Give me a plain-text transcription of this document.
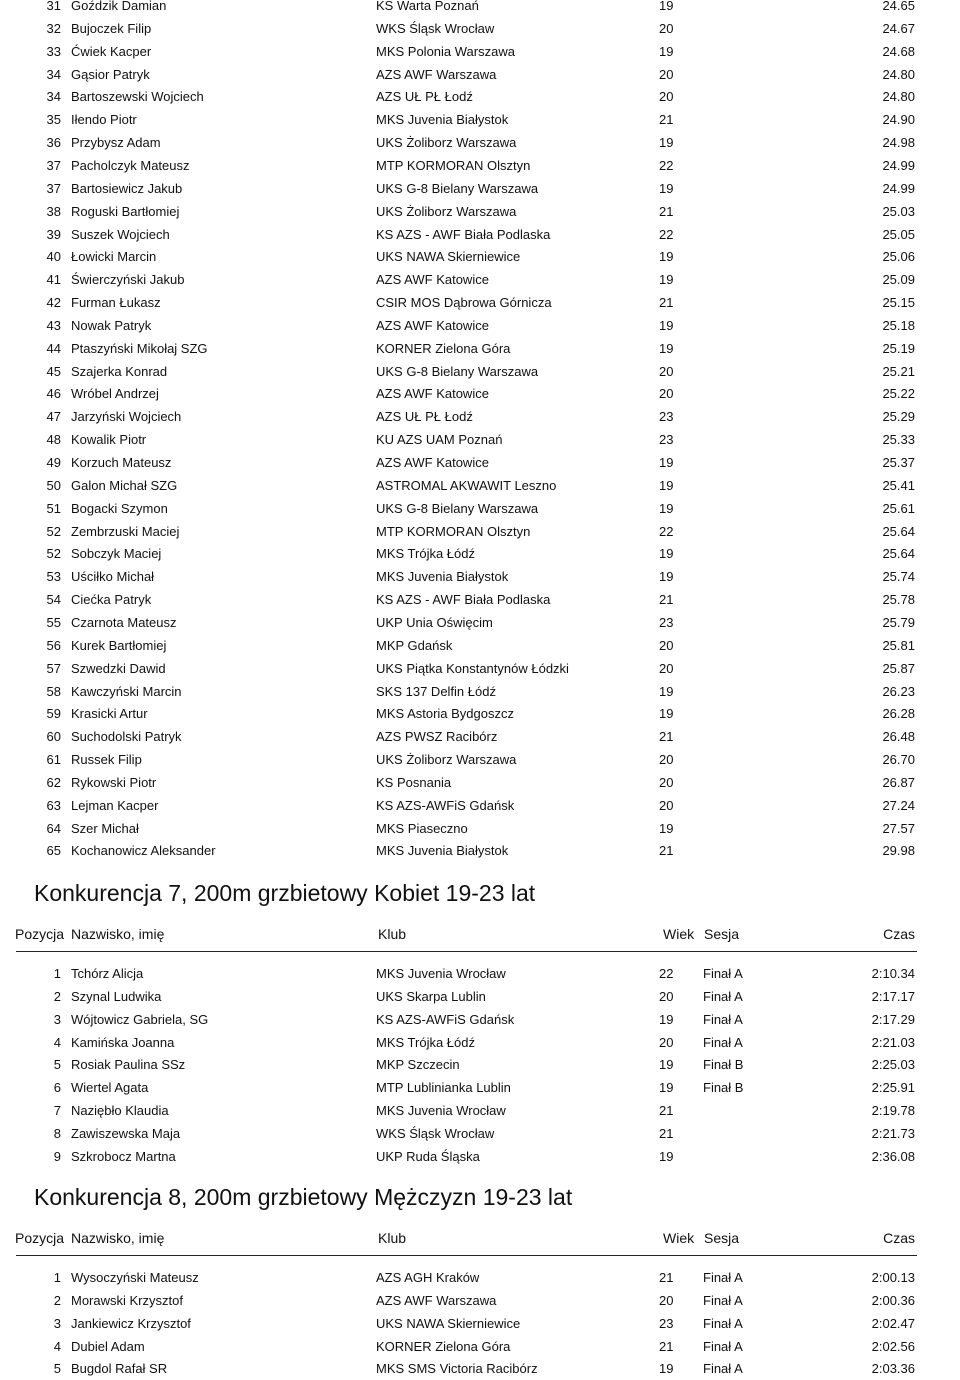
31 Goździk Damian	KS Warta Poznań	19	24.65
32 Bujoczek Filip	WKS Śląsk Wrocław	20	24.67
33 Ćwiek Kacper	MKS Polonia Warszawa	19	24.68
34 Gąsior Patryk	AZS AWF Warszawa	20	24.80
34 Bartoszewski Wojciech	AZS UŁ PŁ Łodź	20	24.80
35 Iłendo Piotr	MKS Juvenia Białystok	21	24.90
36 Przybysz Adam	UKS Żoliborz Warszawa	19	24.98
37 Pacholczyk Mateusz	MTP KORMORAN Olsztyn	22	24.99
37 Bartosiewicz Jakub	UKS G-8 Bielany Warszawa	19	24.99
38 Roguski Bartłomiej	UKS Żoliborz Warszawa	21	25.03
39 Suszek Wojciech	KS AZS - AWF Biała Podlaska	22	25.05
40 Łowicki Marcin	UKS NAWA Skierniewice	19	25.06
41 Świerczyński Jakub	AZS AWF Katowice	19	25.09
42 Furman Łukasz	CSIR MOS Dąbrowa Górnicza	21	25.15
43 Nowak Patryk	AZS AWF Katowice	19	25.18
44 Ptaszyński Mikołaj SZG	KORNER Zielona Góra	19	25.19
45 Szajerka Konrad	UKS G-8 Bielany Warszawa	20	25.21
46 Wróbel Andrzej	AZS AWF Katowice	20	25.22
47 Jarzyński Wojciech	AZS UŁ PŁ Łodź	23	25.29
48 Kowalik Piotr	KU AZS UAM Poznań	23	25.33
49 Korzuch Mateusz	AZS AWF Katowice	19	25.37
50 Galon Michał SZG	ASTROMAL AKWAWIT Leszno	19	25.41
51 Bogacki Szymon	UKS G-8 Bielany Warszawa	19	25.61
52 Zembrzuski Maciej	MTP KORMORAN Olsztyn	22	25.64
52 Sobczyk Maciej	MKS Trójka Łódź	19	25.64
53 Uściłko Michał	MKS Juvenia Białystok	19	25.74
54 Ciećka Patryk	KS AZS - AWF Biała Podlaska	21	25.78
55 Czarnota Mateusz	UKP Unia Oświęcim	23	25.79
56 Kurek Bartłomiej	MKP Gdańsk	20	25.81
57 Szwedzki Dawid	UKS Piątka Konstantynów Łódzki	20	25.87
58 Kawczyński Marcin	SKS 137 Delfin Łódź	19	26.23
59 Krasicki Artur	MKS Astoria Bydgoszcz	19	26.28
60 Suchodolski Patryk	AZS PWSZ Racibórz	21	26.48
61 Russek Filip	UKS Żoliborz Warszawa	20	26.70
62 Rykowski Piotr	KS Posnania	20	26.87
63 Lejman Kacper	KS AZS-AWFiS Gdańsk	20	27.24
64 Szer Michał	MKS Piaseczno	19	27.57
65 Kochanowicz Aleksander	MKS Juvenia Białystok	21	29.98
Konkurencja 7, 200m grzbietowy Kobiet 19-23 lat
Pozycja Nazwisko, imię	Klub	Wiek Sesja	Czas
1 Tchórz Alicja	MKS Juvenia Wrocław	22 Finał A	2:10.34
2 Szynal Ludwika	UKS Skarpa Lublin	20 Finał A	2:17.17
3 Wójtowicz Gabriela, SG	KS AZS-AWFiS Gdańsk	19 Finał A	2:17.29
4 Kamińska Joanna	MKS Trójka Łódź	20 Finał A	2:21.03
5 Rosiak Paulina SSz	MKP Szczecin	19 Finał B	2:25.03
6 Wiertel Agata	MTP Lublinianka Lublin	19 Finał B	2:25.91
7 Naziębło Klaudia	MKS Juvenia Wrocław	21	2:19.78
8 Zawiszewska Maja	WKS Śląsk Wrocław	21	2:21.73
9 Szkrobocz Martna	UKP Ruda Śląska	19	2:36.08
Konkurencja 8, 200m grzbietowy Mężczyzn 19-23 lat
Pozycja Nazwisko, imię	Klub	Wiek Sesja	Czas
1 Wysoczyński Mateusz	AZS AGH Kraków	21 Finał A	2:00.13
2 Morawski Krzysztof	AZS AWF Warszawa	20 Finał A	2:00.36
3 Jankiewicz Krzysztof	UKS NAWA Skierniewice	23 Finał A	2:02.47
4 Dubiel Adam	KORNER Zielona Góra	21 Finał A	2:02.56
5 Bugdol Rafał SR	MKS SMS Victoria Racibórz	19 Finał A	2:03.36
